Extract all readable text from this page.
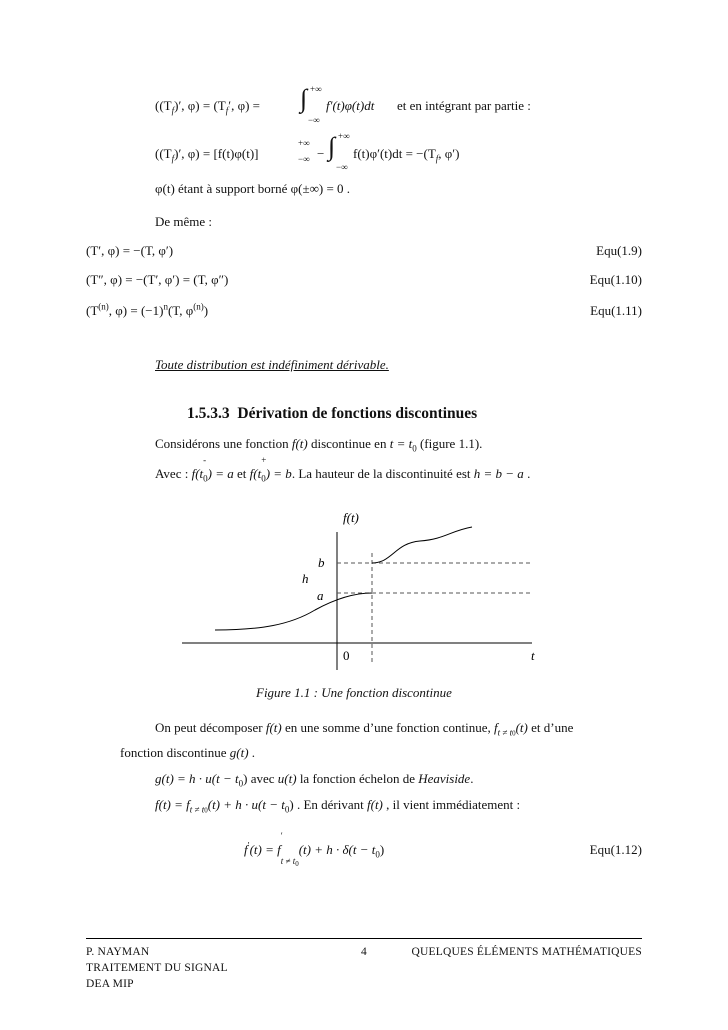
($(T_f)'$, $\varphi) = (T_f'$, φ) = ∫ +∞
−∞
f′(t)φ(t)dt et en intégrant par partie :
($(T_f)'$, φ) = [f(t)φ(t)]
+∞
−∞ − ∫ +∞
−∞
$f(t)\varphi'(t)dt = -(T_f$, φ′)
φ(t) étant à support borné φ(±∞) = 0 .
De même :
(T′, φ) = −(T, φ′)	Equ(1.9)
(T″, φ) = −(T′, φ′) = (T, φ″)	Equ(1.10)
($T^{(n)}$, $\varphi) = (-1)^n(T$, $\varphi^{(n)}$)	Equ(1.11)
Toute distribution est indéfiniment dérivable.
1.5.3.3 Dérivation de fonctions discontinues
Considérons une fonction f(t) discontinue en $t = t_0$ (figure 1.1).
Avec : f(t
-
$_0$) = a et f(t
+
$_0$) = b. La hauteur de la discontinuité est h = b − a .
f(t)
b
h
a
0	t
Figure 1.1 : Une fonction discontinue
On peut décomposer f(t) en une somme d’une fonction continue, $f_{t \ne t0}(t)$ et d’une
fonction discontinue g(t) .
$g(t) = h \cdot u(t - t_0)$ avec u(t) la fonction échelon de Heaviside.
$f(t) = f_{t \ne t0}(t) + h \cdot u(t - t_0)$ . En dérivant f(t) , il vient immédiatement :
f′(t) = f
′
$_{t \ne t0}(t) + h \cdot \delta(t - t_0)$	Equ(1.12)
P. NAYMAN
TRAITEMENT DU SIGNAL
DEA MIP
4	QUELQUES ÉLÉMENTS MATHÉMATIQUES
